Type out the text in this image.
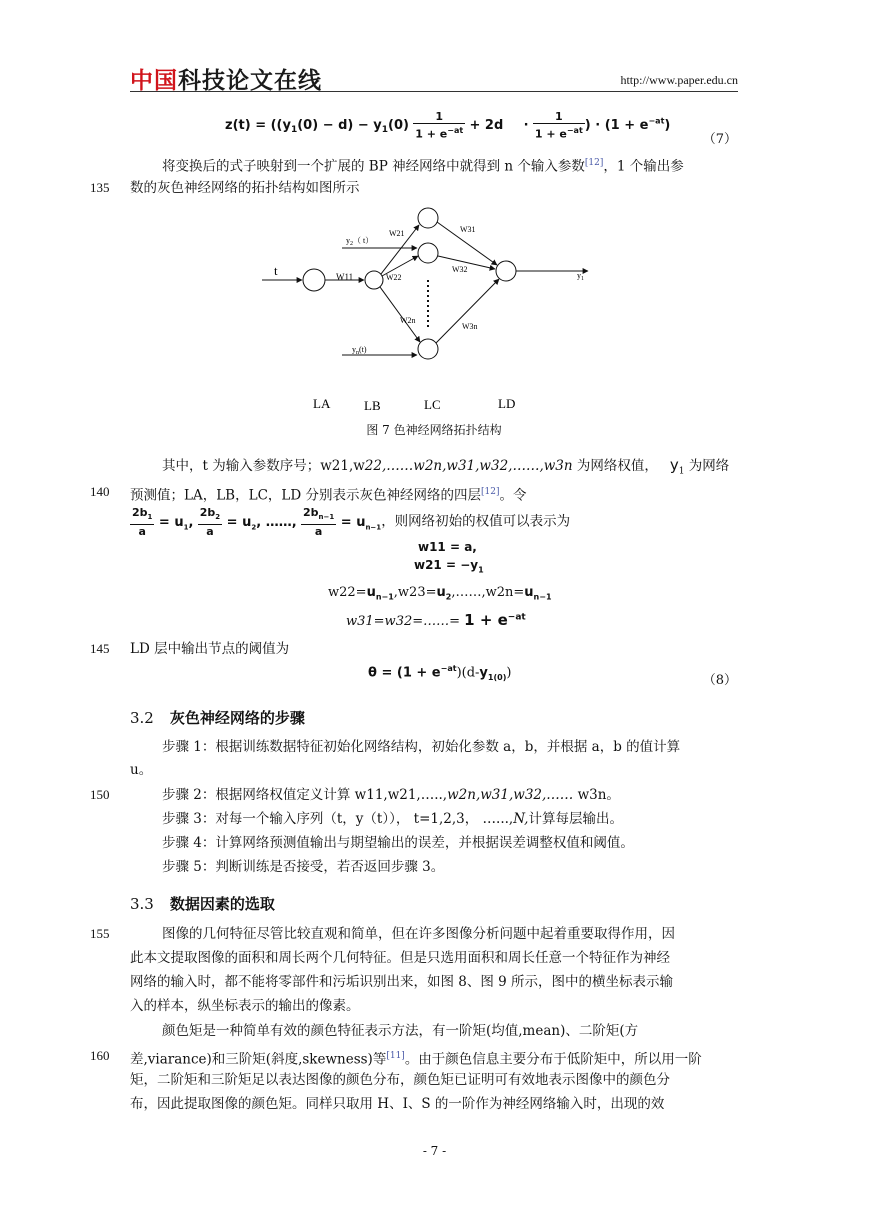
中国科技论文在线	http://www.paper.edu.cn
$z(t) = ((y_1(0) - d) - y_1(0) \frac{1}{1 + e^{-at}} + 2d \cdot \frac{1}{1 + e^{-at}}$ ) · $(1 + e^{-at})$
（7）
将变换后的式子映射到一个扩展的 BP 神经网络中就得到 n 个输入参数[12]，1 个输出参
135 数的灰色神经网络的拓扑结构如图所示
t	W11
W21
W22
W2n
W31
W32
W3n
$y_2$（ t）
$y_n(t)$
$y_1$
LA	LB	LC	LD
图 7 色神经网络拓扑结构
其中，t 为输入参数序号；w21,w22,……w2n,w31,w32,……,w3n 为网络权值， $y_1$ 为网络
140 预测值；LA，LB，LC，LD 分别表示灰色神经网络的四层[12]。令
$\frac{2b_1}{a} = u_1$, $\frac{2b_2}{a} = u_2$, ……, $\frac{2b_{n-1}}{a} = u_{n-1}$，则网络初始的权值可以表示为
w11 = a,
$w21 = -y_1$
$w22=u_{n-1},w23=u_2,\dots\dots,w2n=u_{n-1}$
w31=w32=……= $1 + e^{-at}$
145 LD 层中输出节点的阈值为
$\theta = (1 + e^{-at})(d-y_{1(0)})$
（8）
3.2 灰色神经网络的步骤
步骤 1：根据训练数据特征初始化网络结构，初始化参数 a，b，并根据 a，b 的值计算
u。
150	步骤 2：根据网络权值定义计算 w11,w21,…..,w2n,w31,w32,…… w3n。
步骤 3：对每一个输入序列（t，y（t））， t=1,2,3， …...,N,计算每层输出。
步骤 4：计算网络预测值输出与期望输出的误差，并根据误差调整权值和阈值。
步骤 5：判断训练是否接受，若否返回步骤 3。
3.3 数据因素的选取
155	图像的几何特征尽管比较直观和简单，但在许多图像分析问题中起着重要取得作用，因
此本文提取图像的面积和周长两个几何特征。但是只选用面积和周长任意一个特征作为神经
网络的输入时，都不能将零部件和污垢识别出来，如图 8、图 9 所示，图中的横坐标表示输
入的样本，纵坐标表示的输出的像素。
颜色矩是一种简单有效的颜色特征表示方法，有一阶矩(均值,mean)、二阶矩(方
160 差,viarance)和三阶矩(斜度,skewness)等[11]。由于颜色信息主要分布于低阶矩中，所以用一阶
矩，二阶矩和三阶矩足以表达图像的颜色分布，颜色矩已证明可有效地表示图像中的颜色分
布，因此提取图像的颜色矩。同样只取用 H、I、S 的一阶作为神经网络输入时，出现的效
- 7 -
